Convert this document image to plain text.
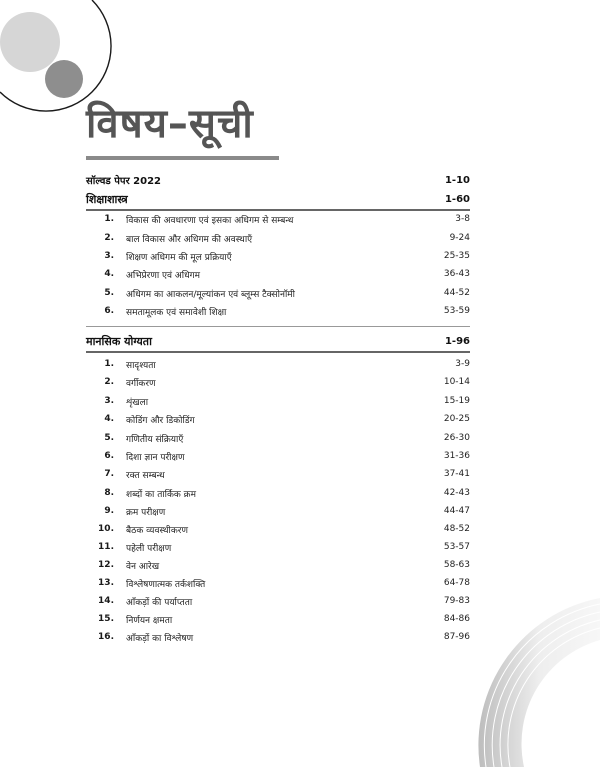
विषय–सूची
सॉल्वड पेपर 2022	1-10
शिक्षाशास्त्र	1-60
1. विकास की अवधारणा एवं इसका अधिगम से सम्बन्ध	3-8
2. बाल विकास और अधिगम की अवस्थाएँ	9-24
3. शिक्षण अधिगम की मूल प्रक्रियाएँ	25-35
4. अभिप्रेरणा एवं अधिगम	36-43
5. अधिगम का आकलन/मूल्यांकन एवं ब्लूम्स टैक्सोनॉमी	44-52
6. समतामूलक एवं समावेशी शिक्षा	53-59
मानसिक योग्यता	1-96
1. सादृश्यता	3-9
2. वर्गीकरण	10-14
3. शृंखला	15-19
4. कोडिंग और डिकोडिंग	20-25
5. गणितीय संक्रियाएँ	26-30
6. दिशा ज्ञान परीक्षण	31-36
7. रक्त सम्बन्ध	37-41
8. शब्दों का तार्किक क्रम	42-43
9. क्रम परीक्षण	44-47
10. बैठक व्यवस्थीकरण	48-52
11. पहेली परीक्षण	53-57
12. वेन आरेख	58-63
13. विश्लेषणात्मक तर्कशक्ति	64-78
14. आँकड़ों की पर्याप्तता	79-83
15. निर्णयन क्षमता	84-86
16. आँकड़ों का विश्लेषण	87-96
